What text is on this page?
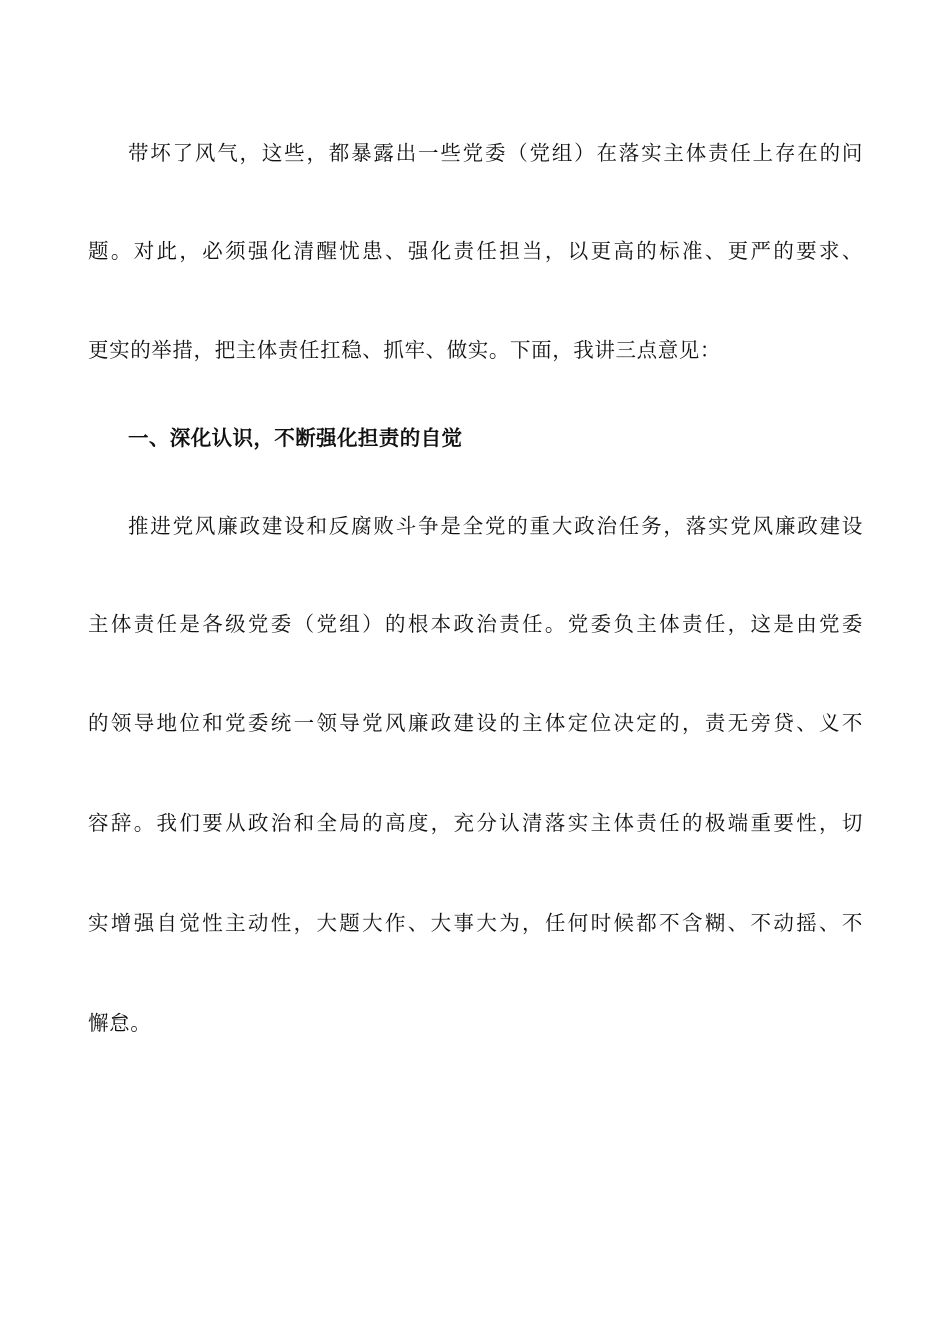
带坏了风气，这些，都暴露出一些党委（党组）在落实主体责任上存在的问
题。对此，必须强化清醒忧患、强化责任担当，以更高的标准、更严的要求、
更实的举措，把主体责任扛稳、抓牢、做实。下面，我讲三点意见：
一、深化认识，不断强化担责的自觉
推进党风廉政建设和反腐败斗争是全党的重大政治任务，落实党风廉政建设
主体责任是各级党委（党组）的根本政治责任。党委负主体责任，这是由党委
的领导地位和党委统一领导党风廉政建设的主体定位决定的，责无旁贷、义不
容辞。我们要从政治和全局的高度，充分认清落实主体责任的极端重要性，切
实增强自觉性主动性，大题大作、大事大为，任何时候都不含糊、不动摇、不
懈怠。
